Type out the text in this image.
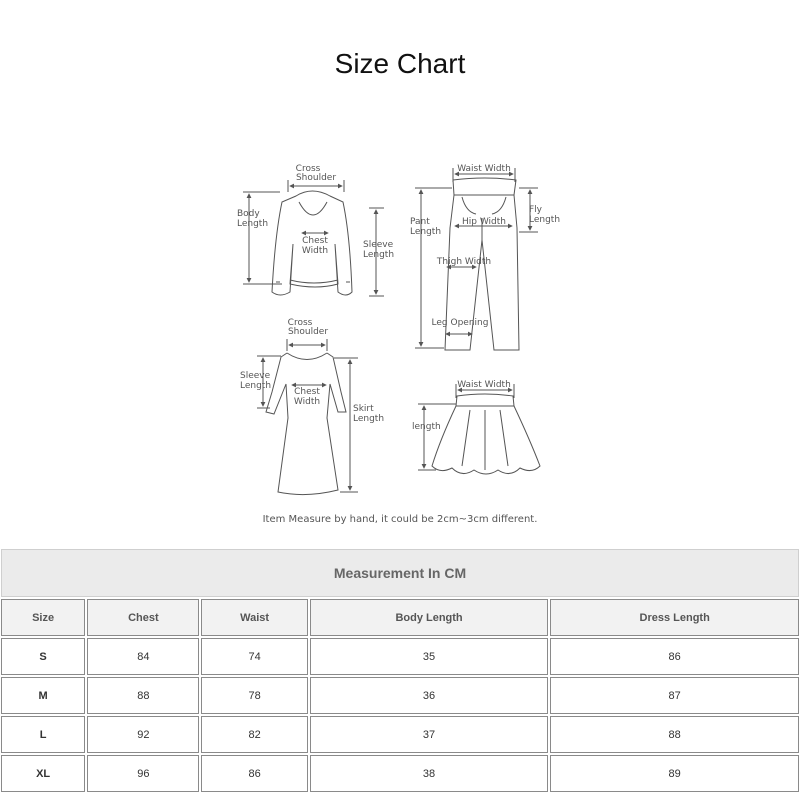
Size Chart
Cross
Shoulder
Body
Length
Chest
Width
Sleeve
Length
Waist Width
Pant
Length
Hip Width
Fly
Length
Thigh Width
Leg Opening
Cross
Shoulder
Sleeve
Length
Chest
Width
Skirt
Length
Waist Width
length
Item Measure by hand, it could be 2cm~3cm different.
Measurement In CM				
Size	Chest	Waist	Body Length	Dress Length
S	84	74	35	86
M	88	78	36	87
L	92	82	37	88
XL	96	86	38	89
